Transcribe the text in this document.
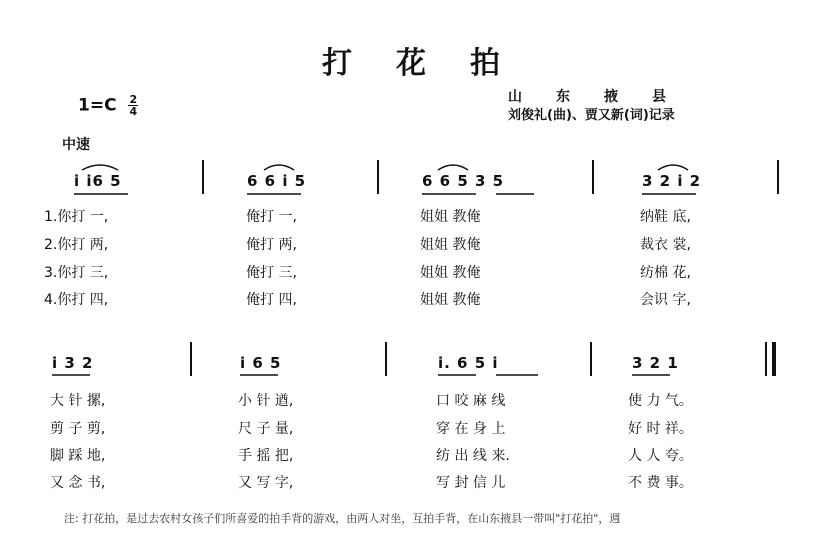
打花拍
$1=C \frac{2}{4}$	山东掖县
刘俊礼(曲)、贾又新(词)记录
中速
i i6 5	6 6 i 5	6 6 5 3 5	3 2 i 2
1.你打 一,	俺打 一,	姐姐 教俺	纳鞋 底,
2.你打 两,	俺打 两,	姐姐 教俺	裁衣 裳,
3.你打 三,	俺打 三,	姐姐 教俺	纺棉 花,
4.你打 四,	俺打 四,	姐姐 教俺	会识 字,
i 3 2	i 6 5	i. 6 5 i	3 2 1
大 针 摞,	小 针 遒,	口 咬 麻 线	使 力 气。
剪 子 剪,	尺 子 量,	穿 在 身 上	好 时 祥。
脚 踩 地,	手 摇 把,	纺 出 线 来.	人 人 夸。
又 念 书,	又 写 字,	写 封 信 儿	不 费 事。
注: 打花拍，是过去农村女孩子们所喜爱的拍手背的游戏，由两人对坐，互拍手背，在山东掖县一带叫"打花拍"，週
